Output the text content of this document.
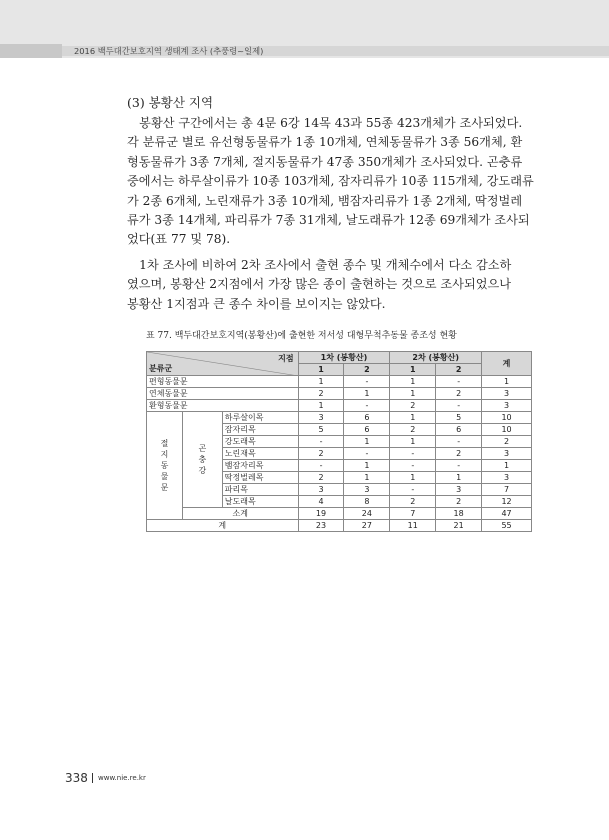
2016 백두대간보호지역 생태계 조사 (추풍령~일제)
(3) 봉황산 지역
　봉황산 구간에서는 총 4문 6강 14목 43과 55종 423개체가 조사되었다.
각 분류군 별로 유선형동물류가 1종 10개체, 연체동물류가 3종 56개체, 환
형동물류가 3종 7개체, 절지동물류가 47종 350개체가 조사되었다. 곤충류
중에서는 하루살이류가 10종 103개체, 잠자리류가 10종 115개체, 강도래류
가 2종 6개체, 노린재류가 3종 10개체, 뱀잠자리류가 1종 2개체, 딱정벌레
류가 3종 14개체, 파리류가 7종 31개체, 날도래류가 12종 69개체가 조사되
었다(표 77 및 78).
　1차 조사에 비하여 2차 조사에서 출현 종수 및 개체수에서 다소 감소하
였으며, 봉황산 2지점에서 가장 많은 종이 출현하는 것으로 조사되었으나
봉황산 1지점과 큰 종수 차이를 보이지는 않았다.
표 77. 백두대간보호지역(봉황산)에 출현한 저서성 대형무척추동물 종조성 현황
지점
분류군			1차 (봉황산)		2차 (봉황산)		계
			1	2	1	2	
편형동물문			1	-	1	-	1
연체동물문			2	1	1	2	3
환형동물문			1	-	2	-	3

절
지
동
물
문	곤
충
강	하루살이목	3	6	1	5	10
		잠자리목	5	6	2	6	10
		강도래목	-	1	1	-	2
		노린재목	2	-	-	2	3
		뱀잠자리목	-	1	-	-	1
		딱정벌레목	2	1	1	1	3
		파리목	3	3	-	3	7
		날도래목	4	8	2	2	12
	소계		19	24	7	18	47
계			23	27	11	21	55
338 www.nie.re.kr
